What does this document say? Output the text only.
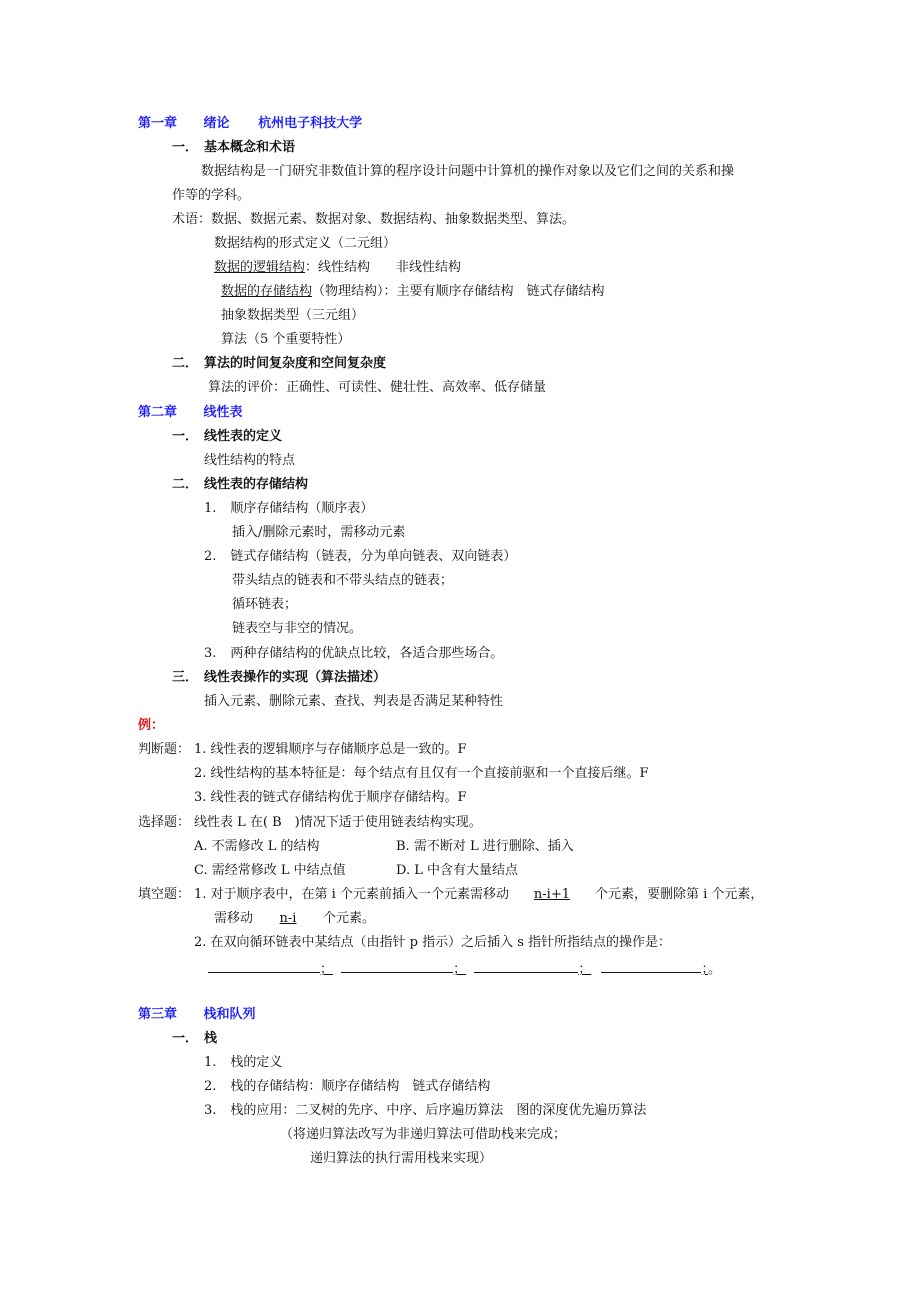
第一章 绪论 杭州电子科技大学
一． 基本概念和术语
数据结构是一门研究非数值计算的程序设计问题中计算机的操作对象以及它们之间的关系和操
作等的学科。
术语：数据、数据元素、数据对象、数据结构、抽象数据类型、算法。
数据结构的形式定义（二元组）
数据的逻辑结构：线性结构　　非线性结构
数据的存储结构（物理结构）：主要有顺序存储结构　链式存储结构
抽象数据类型（三元组）
算法（5 个重要特性）
二． 算法的时间复杂度和空间复杂度
算法的评价：正确性、可读性、健壮性、高效率、低存储量
第二章 线性表
一． 线性表的定义
线性结构的特点
二． 线性表的存储结构
1. 顺序存储结构（顺序表）
插入/删除元素时，需移动元素
2. 链式存储结构（链表，分为单向链表、双向链表）
带头结点的链表和不带头结点的链表；
循环链表；
链表空与非空的情况。
3. 两种存储结构的优缺点比较，各适合那些场合。
三． 线性表操作的实现（算法描述）
插入元素、删除元素、查找、判表是否满足某种特性
例：
判断题： 1. 线性表的逻辑顺序与存储顺序总是一致的。F
2. 线性结构的基本特征是：每个结点有且仅有一个直接前驱和一个直接后继。F
3. 线性表的链式存储结构优于顺序存储结构。F
选择题： 线性表 L 在( B　)情况下适于使用链表结构实现。
A. 不需修改 L 的结构	B. 需不断对 L 进行删除、插入
C. 需经常修改 L 中结点值	D. L 中含有大量结点
填空题： 1. 对于顺序表中，在第 i 个元素前插入一个元素需移动 n-i+1 个元素，要删除第 i 个元素，
需移动 n-i 个元素。
2. 在双向循环链表中某结点（由指针 p 指示）之后插入 s 指针所指结点的操作是：
；	；	；	；。
第三章 栈和队列
一． 栈
1. 栈的定义
2. 栈的存储结构：顺序存储结构　链式存储结构
3. 栈的应用：二叉树的先序、中序、后序遍历算法　图的深度优先遍历算法
（将递归算法改写为非递归算法可借助栈来完成；
递归算法的执行需用栈来实现）
